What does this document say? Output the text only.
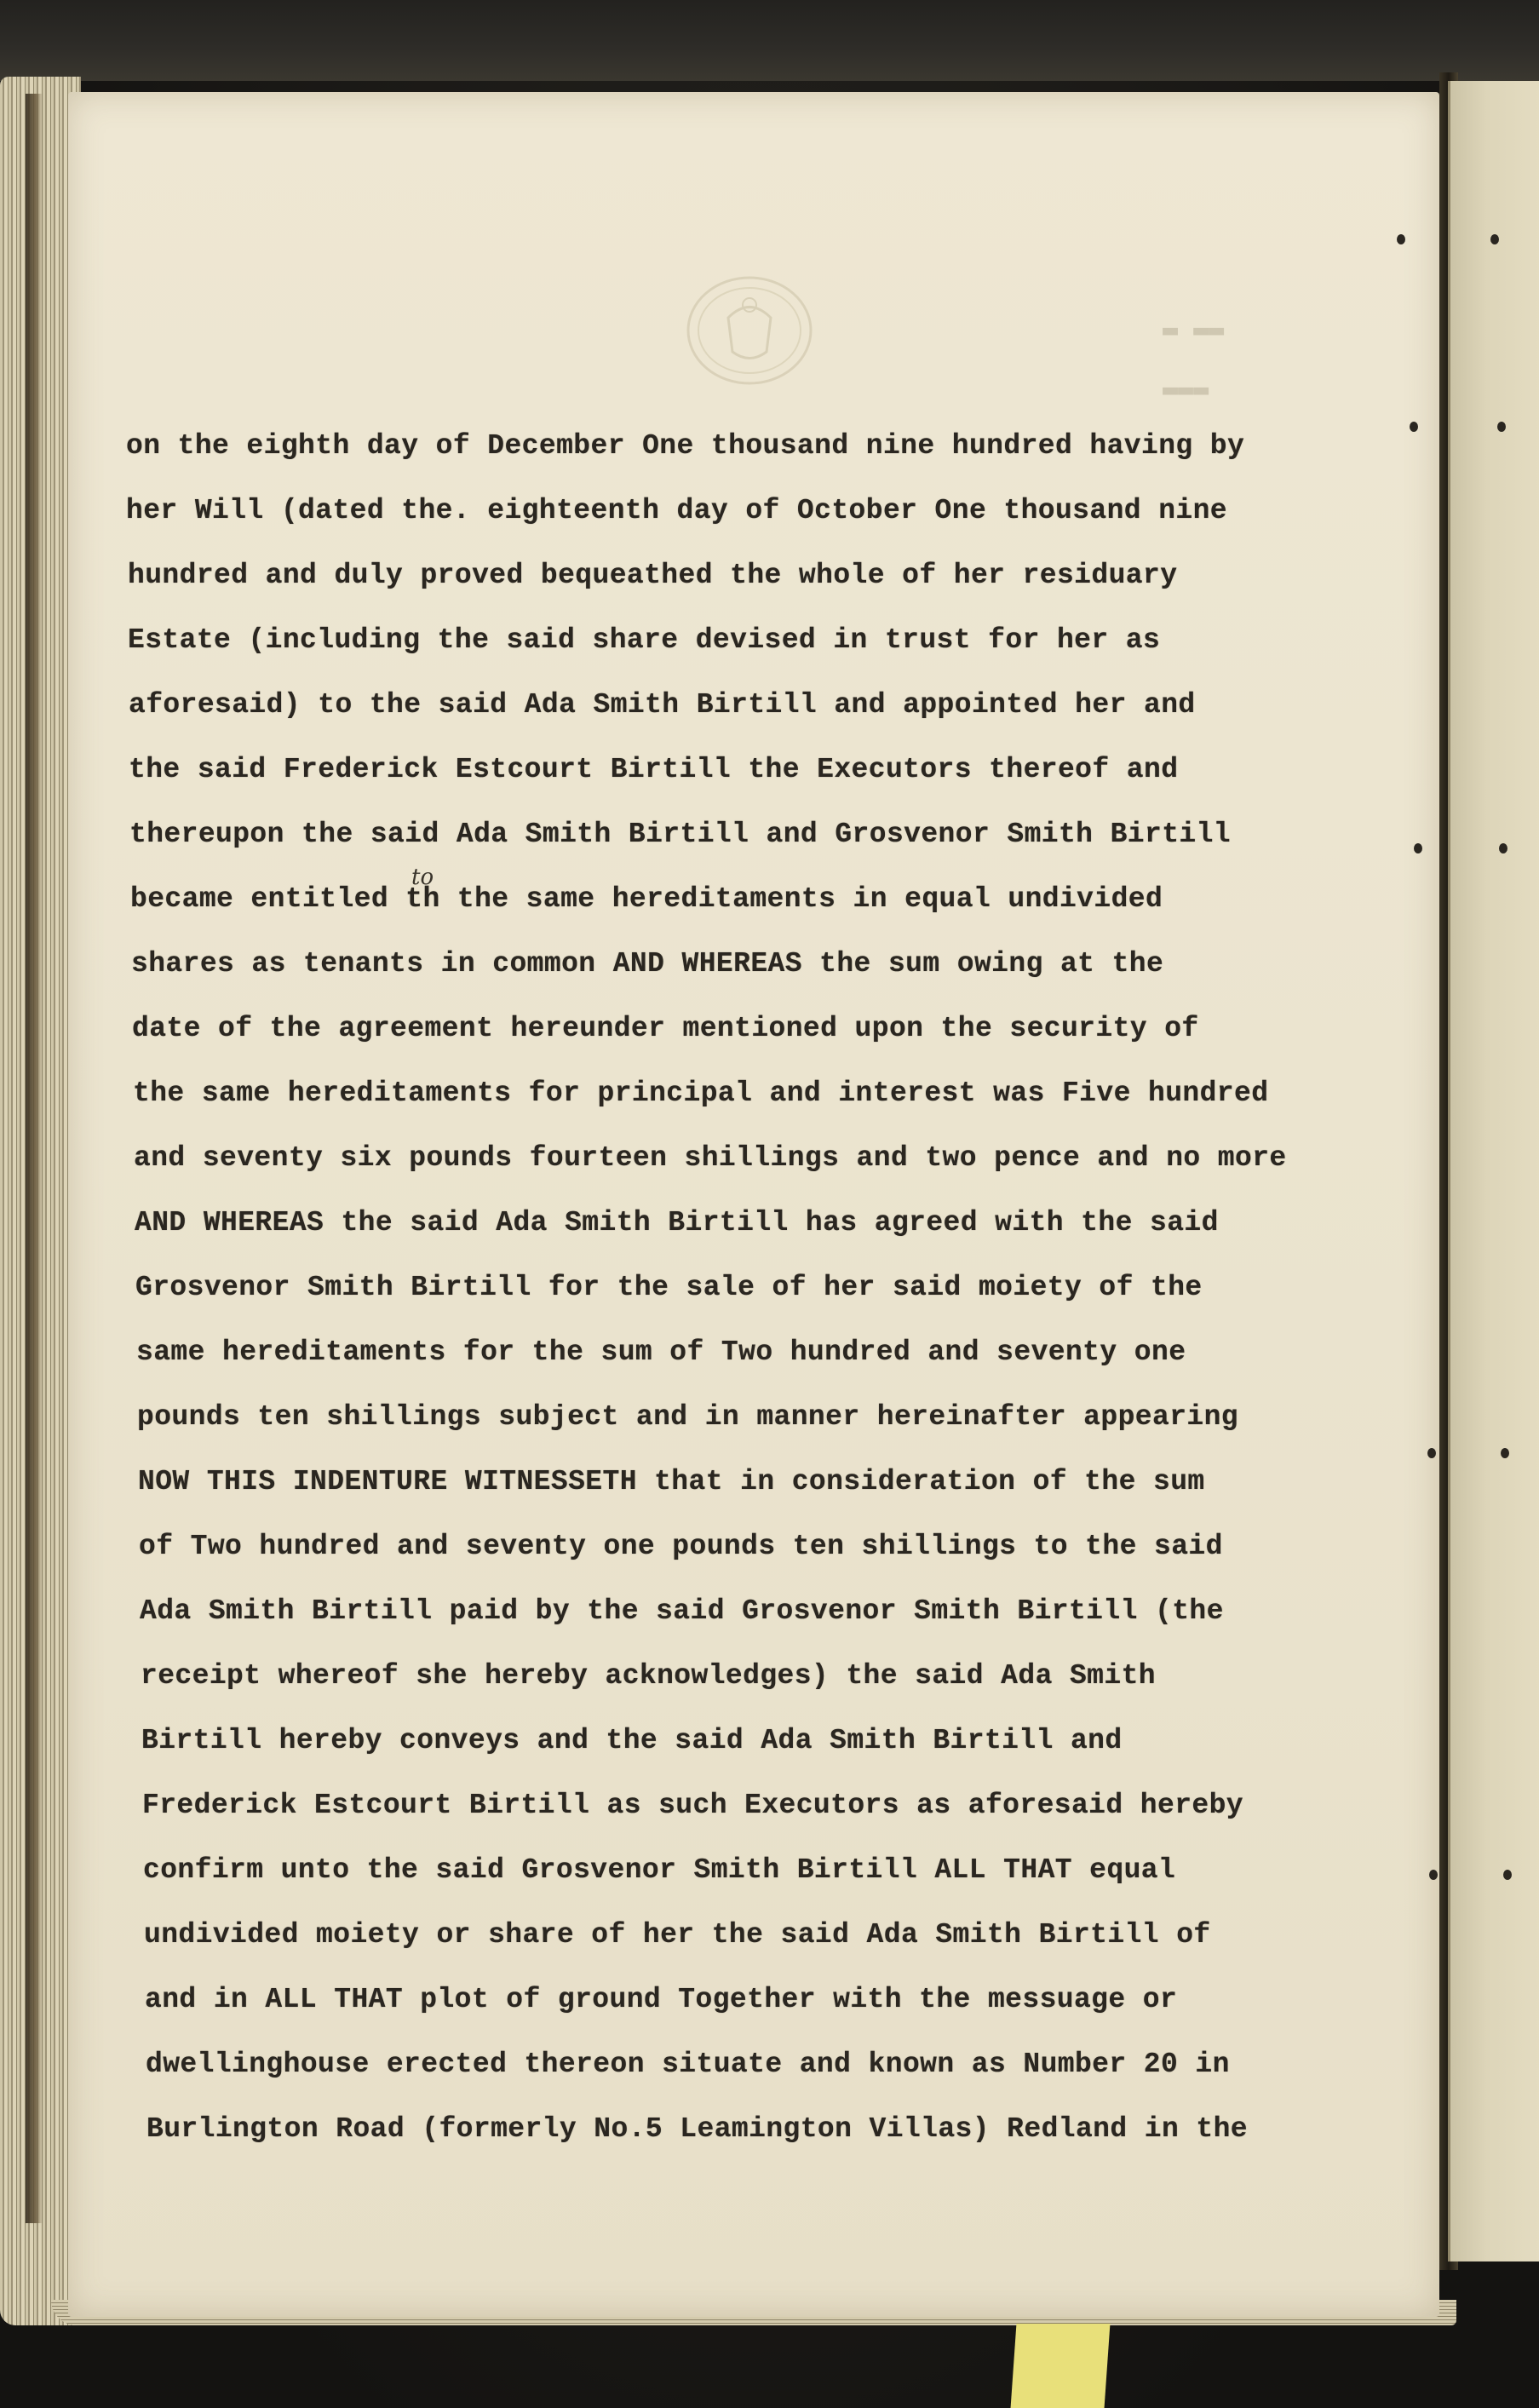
▬ ▬▬
▬▬▬
on the eighth day of December One thousand nine hundred having by
her Will (dated the. eighteenth day of October One thousand nine
hundred and duly proved bequeathed the whole of her residuary
Estate (including the said share devised in trust for her as
aforesaid) to the said Ada Smith Birtill and appointed her and
the said Frederick Estcourt Birtill the Executors thereof and
thereupon the said Ada Smith Birtill and Grosvenor Smith Birtill
became entitled th the same hereditaments in equal undivided
shares as tenants in common AND WHEREAS the sum owing at the
date of the agreement hereunder mentioned upon the security of
the same hereditaments for principal and interest was Five hundred
and seventy six pounds fourteen shillings and two pence and no more
AND WHEREAS the said Ada Smith Birtill has agreed with the said
Grosvenor Smith Birtill for the sale of her said moiety of the
same hereditaments for the sum of Two hundred and seventy one
pounds ten shillings subject and in manner hereinafter appearing
NOW THIS INDENTURE WITNESSETH that in consideration of the sum
of Two hundred and seventy one pounds ten shillings to the said
Ada Smith Birtill paid by the said Grosvenor Smith Birtill (the
receipt whereof she hereby acknowledges) the said Ada Smith
Birtill hereby conveys and the said Ada Smith Birtill and
Frederick Estcourt Birtill as such Executors as aforesaid hereby
confirm unto the said Grosvenor Smith Birtill ALL THAT equal
undivided moiety or share of her the said Ada Smith Birtill of
and in ALL THAT plot of ground Together with the messuage or
dwellinghouse erected thereon situate and known as Number 20 in
Burlington Road (formerly No.5 Leamington Villas) Redland in the
to
